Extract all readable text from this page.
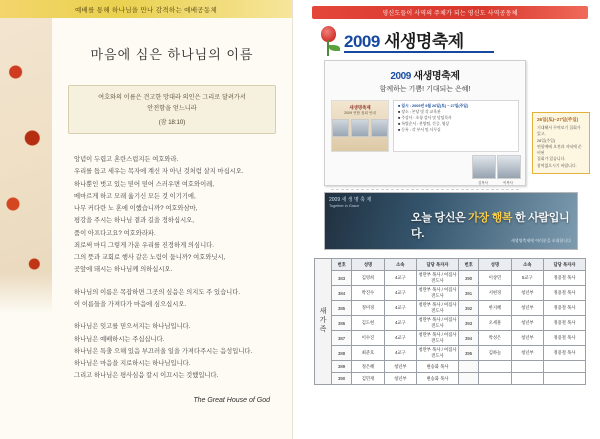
예배를 통해 하나님을 만나 감격하는 예배공동체
마음에 심은 하나님의 이름
여호와의 이름은 견고한 망대라 의인은 그리로 달려가서
안전함을 얻느니라
(잠 18:10)

앙념이 두렵고 혼란스럽지든 여호와라.
우리를 돕고 세우는 목자에 계신 자 아닌 것처럼 살지 마십시오.
하나뿐인 벗고 있는 믿어 믿어 스러우면 여호와이레,
메마르게 하고 모래 옮기신 모든 것 이기기에,
나무 커다란 노 혼에 이했습니까? 여호와삼마,
평강을 주시는 하나님 곁과 길을 정하십시오,
품이 아프다고요? 여호와라파.
죄로써 마디 그렇게 가운 우리를 진정하게 의심니다.
그의 뜻과 교회로 행사 같은 노림이 둡니까? 여호와닛시,
곳앞에 돼시는 하나님께 의하십시오.

하나님의 이름은 목잡하면 그곳의 싶음은 의지도 주 있습니다.
이 이름들을 가져다가 마음에 심으십시오.

하나님은 잊고를 믿으셔지는 하나님입니다.
하나님은 예배하시는 주십십니다.
하나님은 특출 으해 있음 부끄러울 일을 가져다주시는 음성입니다.
하나님은 마음을 지로하시는 하나님입니다.
그리고 하나님은 평사심음 칼시 이끄시는 것했입니다.

The Great House of God
영신도들이 사역의 주체가 되는 영신도 사역공동체
2009 새생명축제
2009 새생명축제
함께하는 기쁨! 기대되는 은혜!
새생명축제
2009 연합 집회 안내
■ 일시 : 2009년 9월 26일(토) ~ 27일(주일)
■ 장소 : 본당 및 각 교육관
■ 주강사 : 초청 강사 및 담임목사
■ 특별순서 : 찬양팀, 간증, 영상
■ 등록 : 각 부서 및 사무실
김목사	이목사
26일(토)~27일(주일)
기대해서 꾸며보기 집회가 있고,
28일(주일)
연합예배 오전과 저녁에 준비된
집회가 있습니다.
참여없으시기 바랍니다.
2009 새 생 명 축 제
Together in Grace
오늘 당신은 가장 행복 한 사람입니다.
새생명축제에 여러분을 초대합니다
새
가
족
번호	성명	소속	담당 목자자	번호	성명	소속	담당 목자자
383	김영희	4교구	청란부 목사 / 여집사 전도사	390	이상민	5교구	정용철 목사
384	박진수	4교구	청란부 목사 / 여집사 전도사	391	서현경	청년부	정용철 목사
385	정미경	4교구	청란부 목사 / 여집사 전도사	392	한지혜	청년부	정용철 목사
386	김도현	4교구	청란부 목사 / 여집사 전도사	393	오세훈	청년부	정용철 목사
387	이수진	4교구	청란부 목사 / 여집사 전도사	394	박성은	청년부	정용철 목사
388	최준호	4교구	청란부 목사 / 여집사 전도사	395	김하늘	청년부	정용철 목사
389	정은혜	청년부	변승화 목사				
390	김민재	청년부	변승화 목사				
